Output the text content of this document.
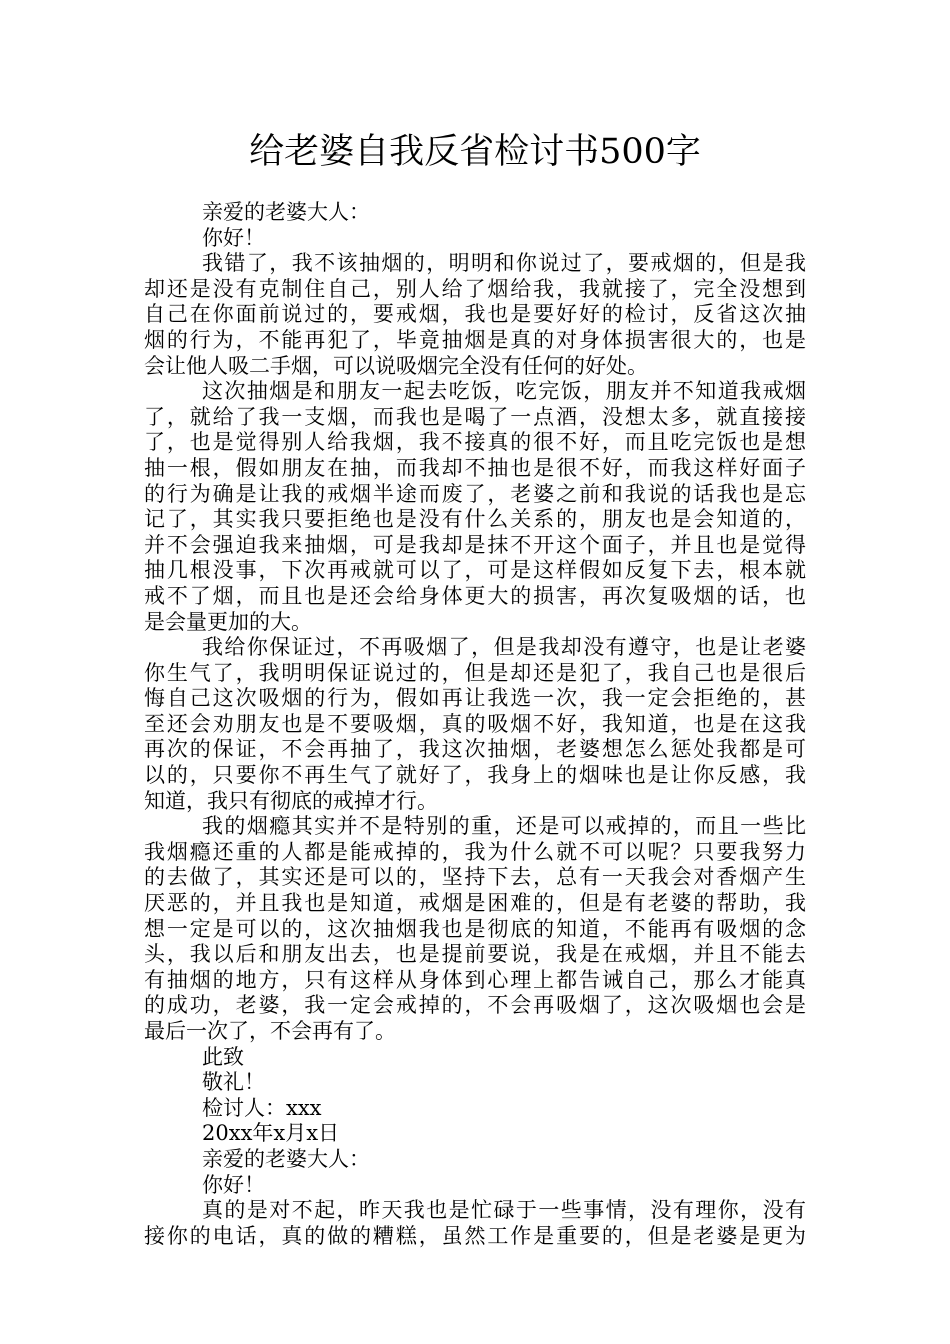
给老婆自我反省检讨书500字
亲爱的老婆大人：
你好！
我错了，我不该抽烟的，明明和你说过了，要戒烟的，但是我
却还是没有克制住自己，别人给了烟给我，我就接了，完全没想到
自己在你面前说过的，要戒烟，我也是要好好的检讨，反省这次抽
烟的行为，不能再犯了，毕竟抽烟是真的对身体损害很大的，也是
会让他人吸二手烟，可以说吸烟完全没有任何的好处。
这次抽烟是和朋友一起去吃饭，吃完饭，朋友并不知道我戒烟
了，就给了我一支烟，而我也是喝了一点酒，没想太多，就直接接
了，也是觉得别人给我烟，我不接真的很不好，而且吃完饭也是想
抽一根，假如朋友在抽，而我却不抽也是很不好，而我这样好面子
的行为确是让我的戒烟半途而废了，老婆之前和我说的话我也是忘
记了，其实我只要拒绝也是没有什么关系的，朋友也是会知道的，
并不会强迫我来抽烟，可是我却是抹不开这个面子，并且也是觉得
抽几根没事，下次再戒就可以了，可是这样假如反复下去，根本就
戒不了烟，而且也是还会给身体更大的损害，再次复吸烟的话，也
是会量更加的大。
我给你保证过，不再吸烟了，但是我却没有遵守，也是让老婆
你生气了，我明明保证说过的，但是却还是犯了，我自己也是很后
悔自己这次吸烟的行为，假如再让我选一次，我一定会拒绝的，甚
至还会劝朋友也是不要吸烟，真的吸烟不好，我知道，也是在这我
再次的保证，不会再抽了，我这次抽烟，老婆想怎么惩处我都是可
以的，只要你不再生气了就好了，我身上的烟味也是让你反感，我
知道，我只有彻底的戒掉才行。
我的烟瘾其实并不是特别的重，还是可以戒掉的，而且一些比
我烟瘾还重的人都是能戒掉的，我为什么就不可以呢？只要我努力
的去做了，其实还是可以的，坚持下去，总有一天我会对香烟产生
厌恶的，并且我也是知道，戒烟是困难的，但是有老婆的帮助，我
想一定是可以的，这次抽烟我也是彻底的知道，不能再有吸烟的念
头，我以后和朋友出去，也是提前要说，我是在戒烟，并且不能去
有抽烟的地方，只有这样从身体到心理上都告诫自己，那么才能真
的成功，老婆，我一定会戒掉的，不会再吸烟了，这次吸烟也会是
最后一次了，不会再有了。
此致
敬礼！
检讨人：xxx
20xx年x月x日
亲爱的老婆大人：
你好！
真的是对不起，昨天我也是忙碌于一些事情，没有理你，没有
接你的电话，真的做的糟糕，虽然工作是重要的，但是老婆是更为
